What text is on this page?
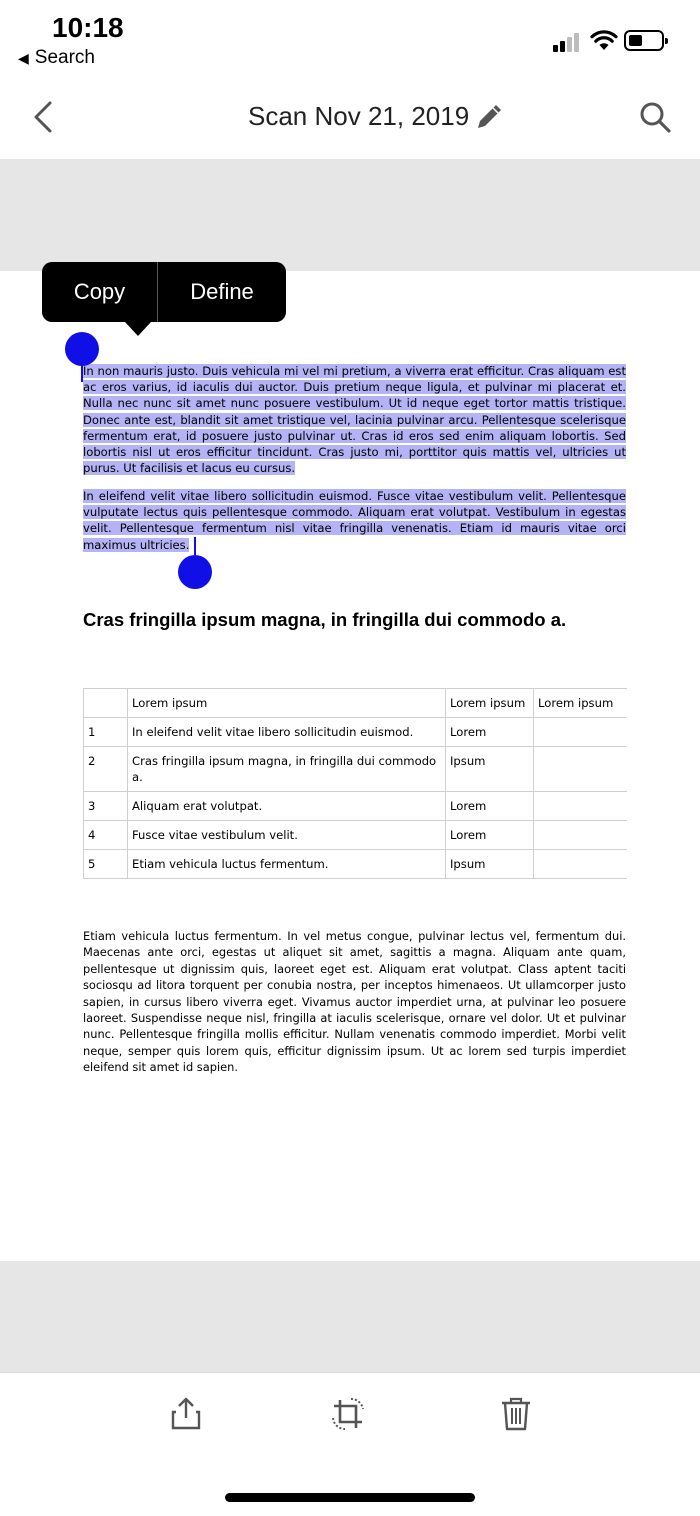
10:18
◀ Search
Scan Nov 21, 2019
In non mauris justo. Duis vehicula mi vel mi pretium, a viverra erat efficitur. Cras aliquam est ac eros varius, id iaculis dui auctor. Duis pretium neque ligula, et pulvinar mi placerat et. Nulla nec nunc sit amet nunc posuere vestibulum. Ut id neque eget tortor mattis tristique. Donec ante est, blandit sit amet tristique vel, lacinia pulvinar arcu. Pellentesque scelerisque fermentum erat, id posuere justo pulvinar ut. Cras id eros sed enim aliquam lobortis. Sed lobortis nisl ut eros efficitur tincidunt. Cras justo mi, porttitor quis mattis vel, ultricies ut purus. Ut facilisis et lacus eu cursus.
In eleifend velit vitae libero sollicitudin euismod. Fusce vitae vestibulum velit. Pellentesque vulputate lectus quis pellentesque commodo. Aliquam erat volutpat. Vestibulum in egestas velit. Pellentesque fermentum nisl vitae fringilla venenatis. Etiam id mauris vitae orci maximus ultricies.
Cras fringilla ipsum magna, in fringilla dui commodo a.
	Lorem ipsum	Lorem ipsum	Lorem ipsum
1	In eleifend velit vitae libero sollicitudin euismod.	Lorem	
2	Cras fringilla ipsum magna, in fringilla dui commodo a.	Ipsum	
3	Aliquam erat volutpat.	Lorem	
4	Fusce vitae vestibulum velit.	Lorem	
5	Etiam vehicula luctus fermentum.	Ipsum	
Etiam vehicula luctus fermentum. In vel metus congue, pulvinar lectus vel, fermentum dui. Maecenas ante orci, egestas ut aliquet sit amet, sagittis a magna. Aliquam ante quam, pellentesque ut dignissim quis, laoreet eget est. Aliquam erat volutpat. Class aptent taciti sociosqu ad litora torquent per conubia nostra, per inceptos himenaeos. Ut ullamcorper justo sapien, in cursus libero viverra eget. Vivamus auctor imperdiet urna, at pulvinar leo posuere laoreet. Suspendisse neque nisl, fringilla at iaculis scelerisque, ornare vel dolor. Ut et pulvinar nunc. Pellentesque fringilla mollis efficitur. Nullam venenatis commodo imperdiet. Morbi velit neque, semper quis lorem quis, efficitur dignissim ipsum. Ut ac lorem sed turpis imperdiet eleifend sit amet id sapien.
Copy	Define
